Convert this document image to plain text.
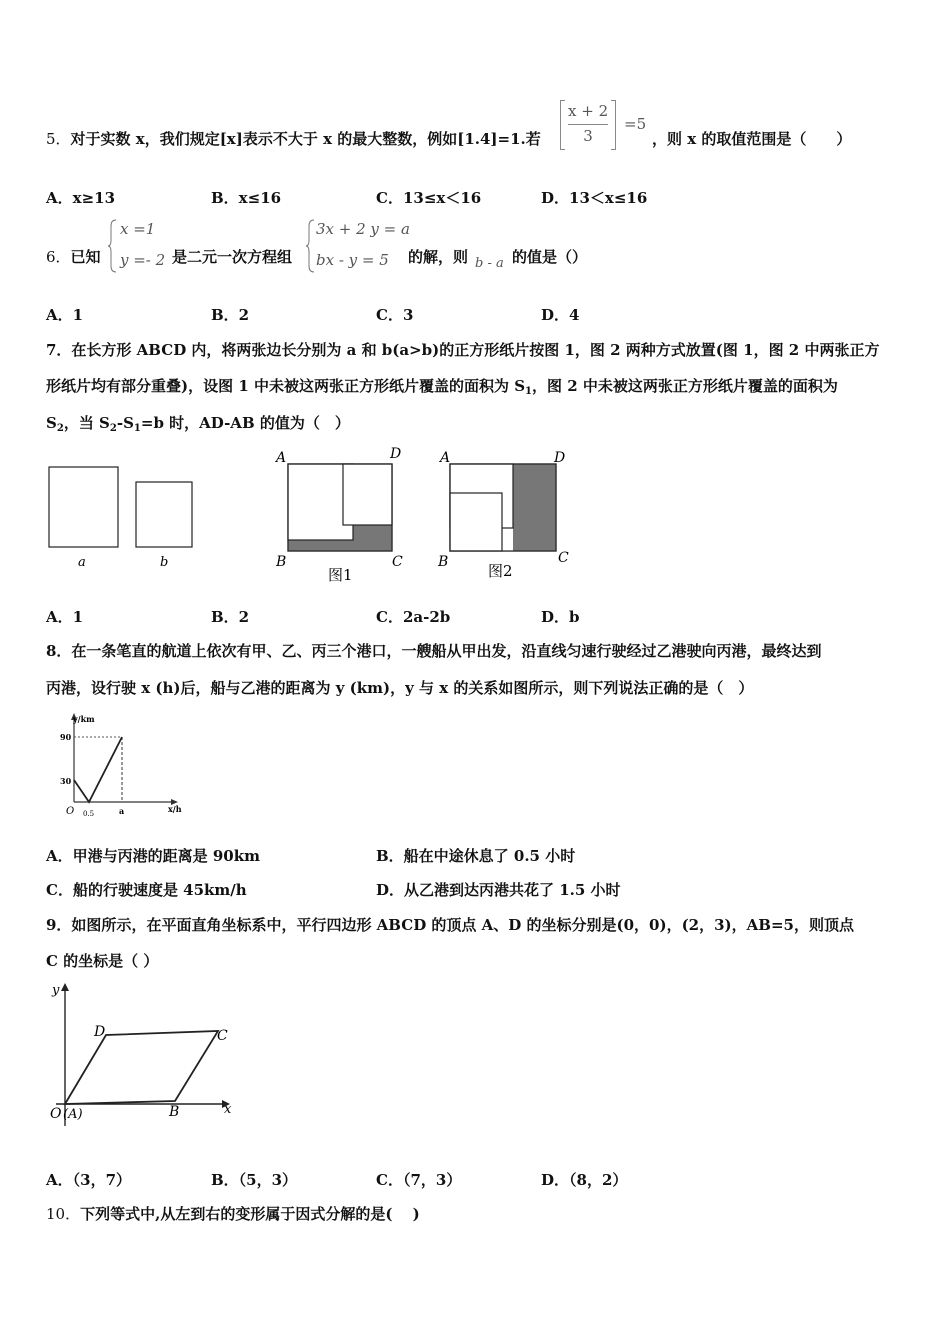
5．对于实数 x，我们规定[x]表示不大于 x 的最大整数，例如[1.4]=1.若
x + 2
3
=5
，则 x 的取值范围是（　　）
A．x≥13	B．x≤16	C．13≤x＜16	D．13＜x≤16
6．已知
x =1
y =- 2 是二元一次方程组
3x + 2 y = a
bx - y = 5 的解，则 b - a 的值是（）
A．1	B．2	C．3	D．4
7．在长方形 ABCD 内，将两张边长分别为 a 和 b(a>b)的正方形纸片按图 1，图 2 两种方式放置(图 1，图 2 中两张正方
形纸片均有部分重叠)，设图 1 中未被这两张正方形纸片覆盖的面积为 $S_1$，图 2 中未被这两张正方形纸片覆盖的面积为
$S_2$，当 $S_2-S_1=b$ 时，AD-AB 的值为（　）
a	b
A	D
B	C
图1
A	D
B	C
图2
A．1	B．2	C．2a-2b	D．b
8．在一条笔直的航道上依次有甲、乙、丙三个港口，一艘船从甲出发，沿直线匀速行驶经过乙港驶向丙港，最终达到
丙港，设行驶 x (h)后，船与乙港的距离为 y (km)，y 与 x 的关系如图所示，则下列说法正确的是（　）
y/km
x/h
90
30
O 0.5	a
A．甲港与丙港的距离是 90km	B．船在中途休息了 0.5 小时
C．船的行驶速度是 45km/h	D．从乙港到达丙港共花了 1.5 小时
9．如图所示，在平面直角坐标系中，平行四边形 ABCD 的顶点 A、D 的坐标分别是(0，0)，(2，3)，AB=5，则顶点
C 的坐标是（ ）
y
x
O (A)	B
C
D
A．（3，7）	B．（5，3）	C．（7，3）	D．（8，2）
10．下列等式中,从左到右的变形属于因式分解的是(　 )
